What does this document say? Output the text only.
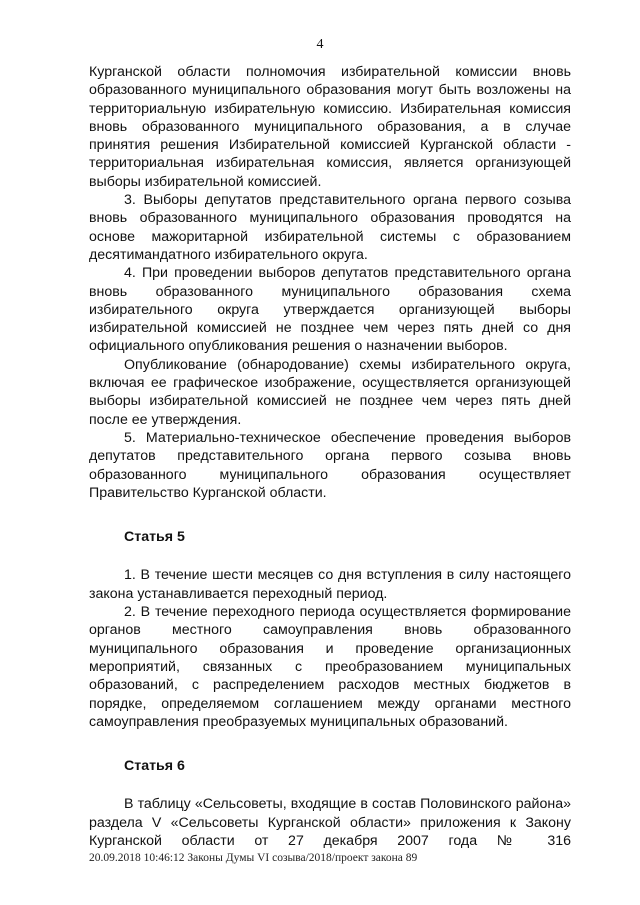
4

Курганской области полномочия избирательной комиссии вновь образованного муниципального образования могут быть возложены на территориальную избирательную комиссию. Избирательная комиссия вновь образованного муниципального образования, а в случае принятия решения Избирательной комиссией Курганской области - территориальная избирательная комиссия, является организующей выборы избирательной комиссией.

3. Выборы депутатов представительного органа первого созыва вновь образованного муниципального образования проводятся на основе мажоритарной избирательной системы с образованием десятимандатного избирательного округа.

4. При проведении выборов депутатов представительного органа вновь образованного муниципального образования схема избирательного округа утверждается организующей выборы избирательной комиссией не позднее чем через пять дней со дня официального опубликования решения о назначении выборов.

Опубликование (обнародование) схемы избирательного округа, включая ее графическое изображение, осуществляется организующей выборы избирательной комиссией не позднее чем через пять дней после ее утверждения.

5. Материально-техническое обеспечение проведения выборов депутатов представительного органа первого созыва вновь образованного муниципального образования осуществляет Правительство Курганской области.

Статья 5

1. В течение шести месяцев со дня вступления в силу настоящего закона устанавливается переходный период.

2. В течение переходного периода осуществляется формирование органов местного самоуправления вновь образованного муниципального образования и проведение организационных мероприятий, связанных с преобразованием муниципальных образований, с распределением расходов местных бюджетов в порядке, определяемом соглашением между органами местного самоуправления преобразуемых муниципальных образований.

Статья 6

В таблицу «Сельсоветы, входящие в состав Половинского района» раздела V «Сельсоветы Курганской области» приложения к Закону Курганской области от 27 декабря 2007 года № 316

20.09.2018 10:46:12 Законы Думы VI созыва/2018/проект закона 89
